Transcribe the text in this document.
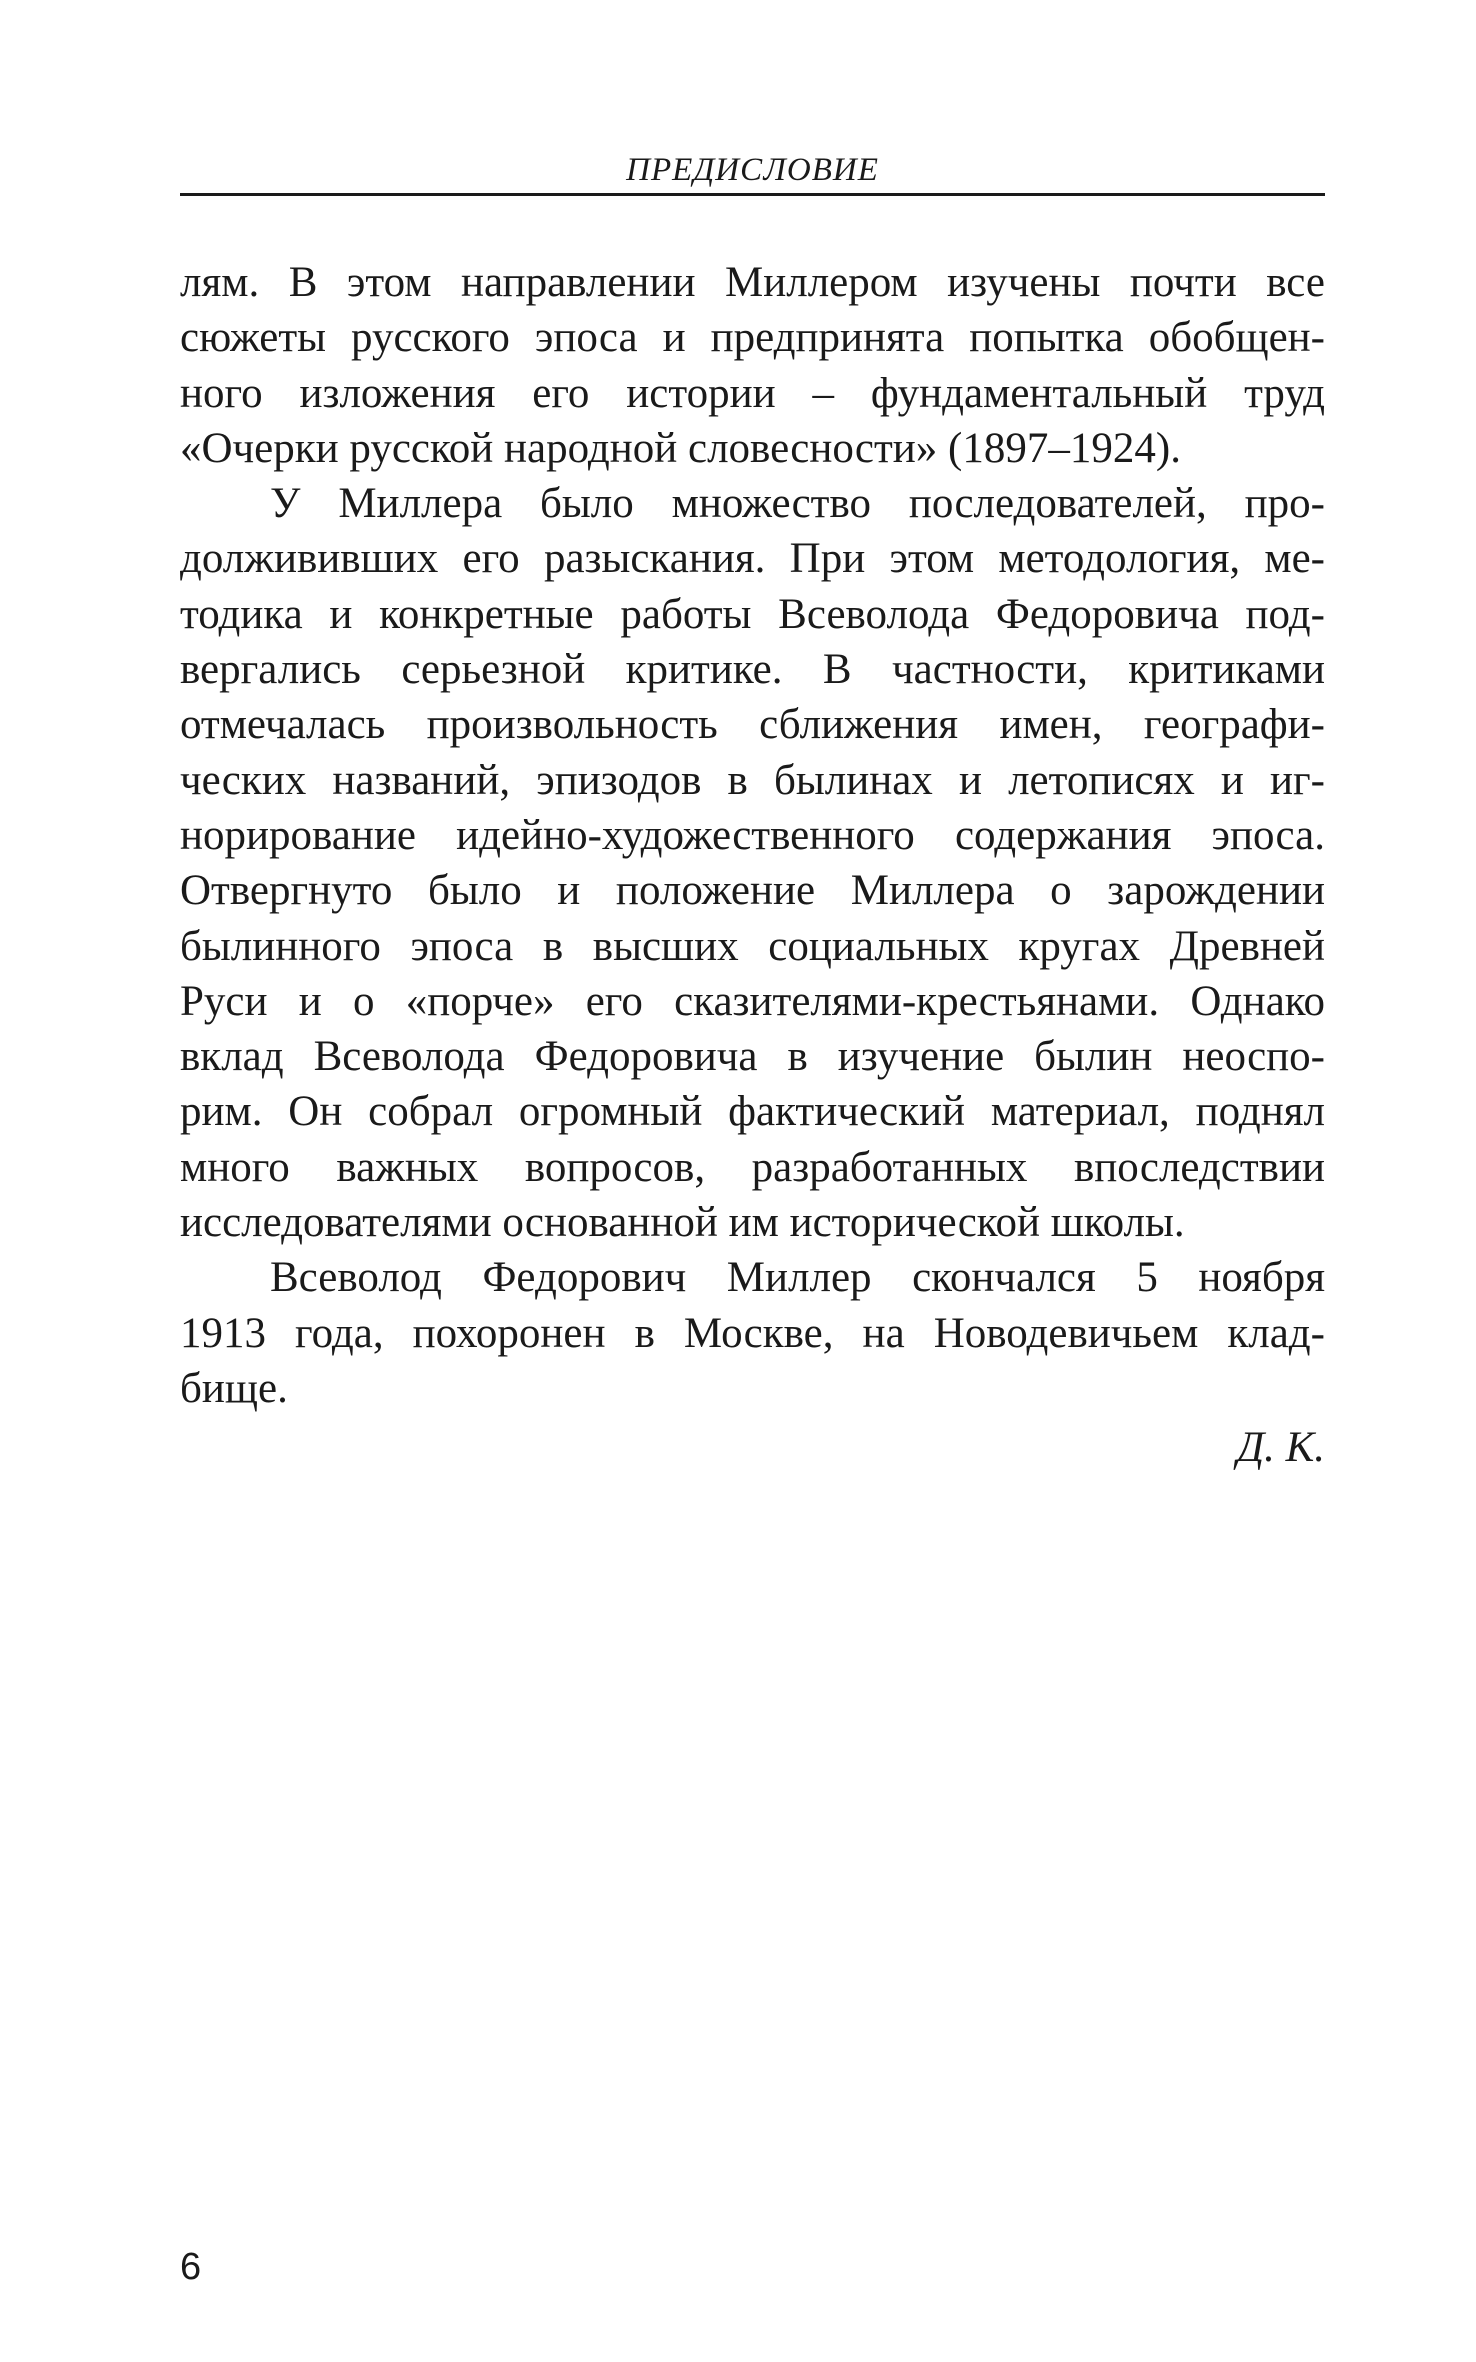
ПРЕДИСЛОВИЕ
лям. В этом направлении Миллером изучены почти все
сюжеты русского эпоса и предпринята попытка обобщен-
ного изложения его истории – фундаментальный труд
«Очерки русской народной словесности» (1897–1924).
У Миллера было множество последователей, про-
должививших его разыскания. При этом методология, ме-
тодика и конкретные работы Всеволода Федоровича под-
вергались серьезной критике. В частности, критиками
отмечалась произвольность сближения имен, географи-
ческих названий, эпизодов в былинах и летописях и иг-
норирование идейно-художественного содержания эпоса.
Отвергнуто было и положение Миллера о зарождении
былинного эпоса в высших социальных кругах Древней
Руси и о «порче» его сказителями-крестьянами. Однако
вклад Всеволода Федоровича в изучение былин неоспо-
рим. Он собрал огромный фактический материал, поднял
много важных вопросов, разработанных впоследствии
исследователями основанной им исторической школы.
Всеволод Федорович Миллер скончался 5 ноября
1913 года, похоронен в Москве, на Новодевичьем клад-
бище.
Д. К.
6
